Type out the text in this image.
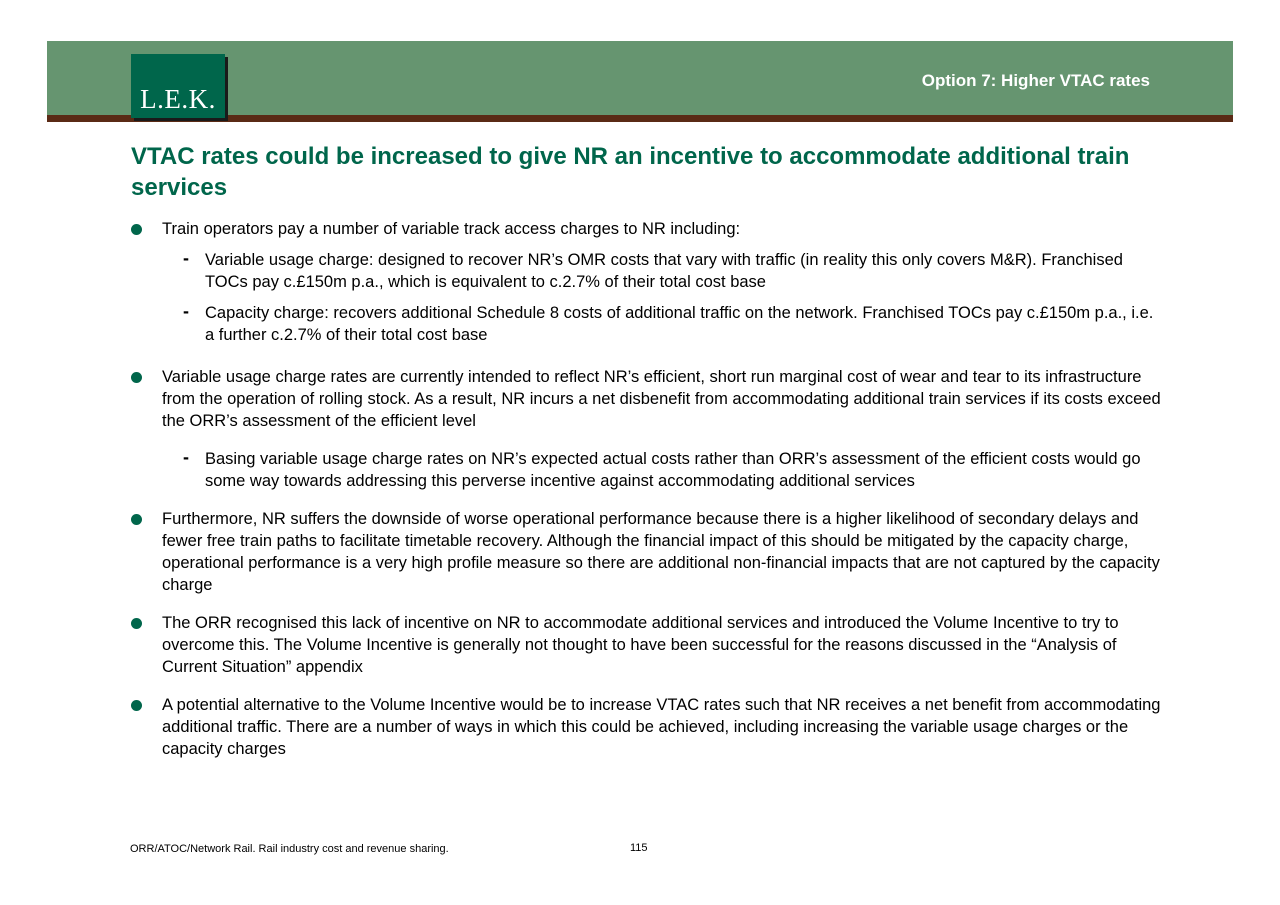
L.E.K.
Option 7: Higher VTAC rates
VTAC rates could be increased to give NR an incentive to accommodate additional train services
Train operators pay a number of variable track access charges to NR including:
- Variable usage charge: designed to recover NR’s OMR costs that vary with traffic (in reality this only covers M&R). Franchised TOCs pay c.£150m p.a., which is equivalent to c.2.7% of their total cost base
- Capacity charge: recovers additional Schedule 8 costs of additional traffic on the network. Franchised TOCs pay c.£150m p.a., i.e. a further c.2.7% of their total cost base
Variable usage charge rates are currently intended to reflect NR’s efficient, short run marginal cost of wear and tear to its infrastructure from the operation of rolling stock. As a result, NR incurs a net disbenefit from accommodating additional train services if its costs exceed the ORR’s assessment of the efficient level
- Basing variable usage charge rates on NR’s expected actual costs rather than ORR’s assessment of the efficient costs would go some way towards addressing this perverse incentive against accommodating additional services
Furthermore, NR suffers the downside of worse operational performance because there is a higher likelihood of secondary delays and fewer free train paths to facilitate timetable recovery. Although the financial impact of this should be mitigated by the capacity charge, operational performance is a very high profile measure so there are additional non-financial impacts that are not captured by the capacity charge
The ORR recognised this lack of incentive on NR to accommodate additional services and introduced the Volume Incentive to try to overcome this. The Volume Incentive is generally not thought to have been successful for the reasons discussed in the “Analysis of Current Situation” appendix
A potential alternative to the Volume Incentive would be to increase VTAC rates such that NR receives a net benefit from accommodating additional traffic. There are a number of ways in which this could be achieved, including increasing the variable usage charges or the capacity charges
ORR/ATOC/Network Rail. Rail industry cost and revenue sharing.	115
